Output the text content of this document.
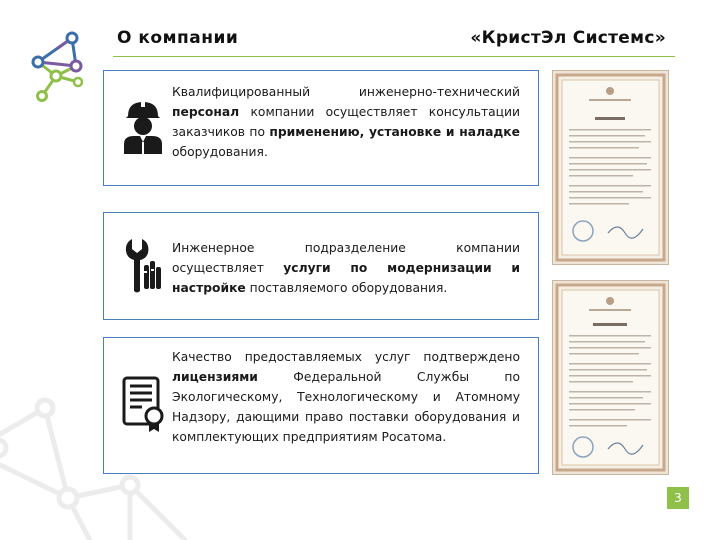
О компании	«КристЭл Системс»
Квалифицированный инженерно-технический персонал компании осуществляет консультации заказчиков по применению, установке и наладке оборудования.
Инженерное подразделение компании осуществляет услуги по модернизации и настройке поставляемого оборудования.
Качество предоставляемых услуг подтверждено лицензиями Федеральной Службы по Экологическому, Технологическому и Атомному Надзору, дающими право поставки оборудования и комплектующих предприятиям Росатома.
3
